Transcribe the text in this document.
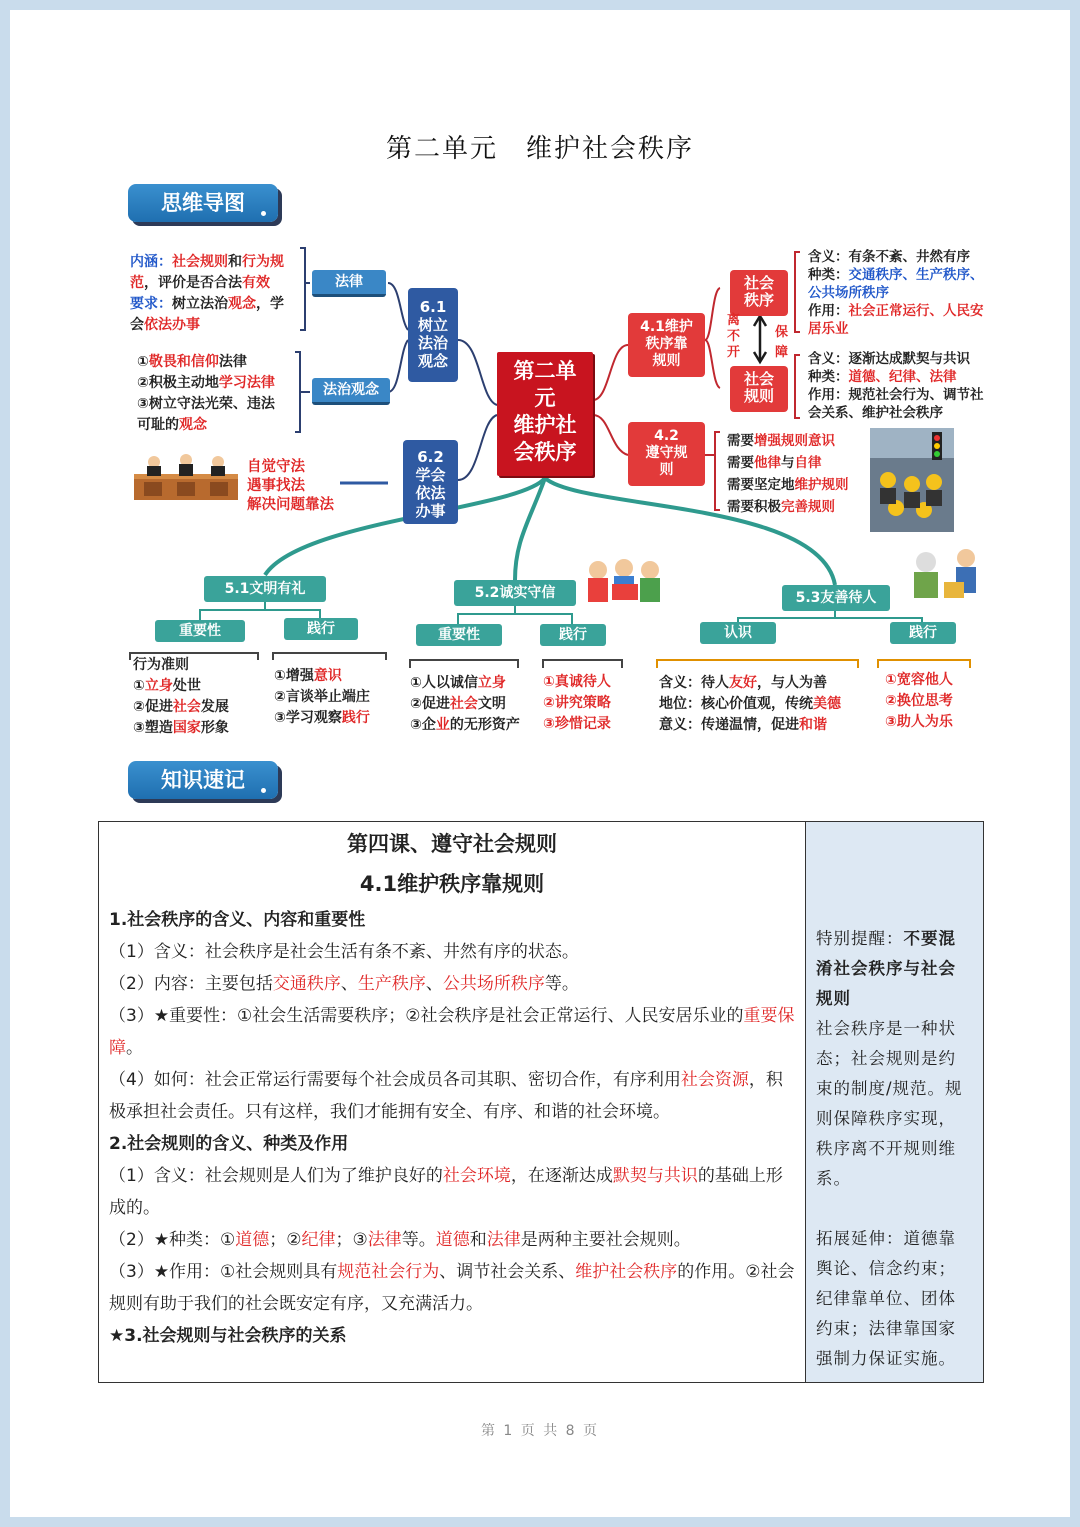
第二单元　维护社会秩序
思维导图
内涵：社会规则和行为规
范，评价是否合法有效
要求：树立法治观念，学
会依法办事
法律
①敬畏和信仰法律
②积极主动地学习法律
③树立守法光荣、违法
可耻的观念
法治观念
6.1
树立
法治
观念
6.2
学会
依法
办事
自觉守法
遇事找法
解决问题靠法
第二单
元
维护社
会秩序
4.1维护
秩序靠
规则
4.2
遵守规
则
社会
秩序
社会
规则
离
不
开
保
障
含义：有条不紊、井然有序
种类：交通秩序、生产秩序、
公共场所秩序
作用：社会正常运行、人民安
居乐业
含义：逐渐达成默契与共识
种类：道德、纪律、法律
作用：规范社会行为、调节社
会关系、维护社会秩序
需要增强规则意识
需要他律与自律
需要坚定地维护规则
需要积极完善规则
5.1文明有礼	5.2诚实守信	5.3友善待人
重要性	践行	重要性	践行	认识	践行
行为准则
①立身处世
②促进社会发展
③塑造国家形象
①增强意识
②言谈举止端庄
③学习观察践行
①人以诚信立身
②促进社会文明
③企业的无形资产
①真诚待人
②讲究策略
③珍惜记录
含义：待人友好，与人为善
地位：核心价值观，传统美德
意义：传递温情，促进和谐
①宽容他人
②换位思考
③助人为乐
知识速记
第四课、遵守社会规则
4.1维护秩序靠规则
1.社会秩序的含义、内容和重要性
（1）含义：社会秩序是社会生活有条不紊、井然有序的状态。
（2）内容：主要包括交通秩序、生产秩序、公共场所秩序等。
（3）★重要性：①社会生活需要秩序；②社会秩序是社会正常运行、人民安居乐业的重要保障。
（4）如何：社会正常运行需要每个社会成员各司其职、密切合作，有序利用社会资源，积极承担社会责任。只有这样，我们才能拥有安全、有序、和谐的社会环境。
2.社会规则的含义、种类及作用
（1）含义：社会规则是人们为了维护良好的社会环境，在逐渐达成默契与共识的基础上形成的。
（2）★种类：①道德；②纪律；③法律等。道德和法律是两种主要社会规则。
（3）★作用：①社会规则具有规范社会行为、调节社会关系、维护社会秩序的作用。②社会规则有助于我们的社会既安定有序，又充满活力。
★3.社会规则与社会秩序的关系

特别提醒：不要混淆社会秩序与社会规则
社会秩序是一种状态；社会规则是约束的制度/规范。规则保障秩序实现，秩序离不开规则维系。
拓展延伸：道德靠舆论、信念约束；纪律靠单位、团体约束；法律靠国家强制力保证实施。
第 1 页 共 8 页
